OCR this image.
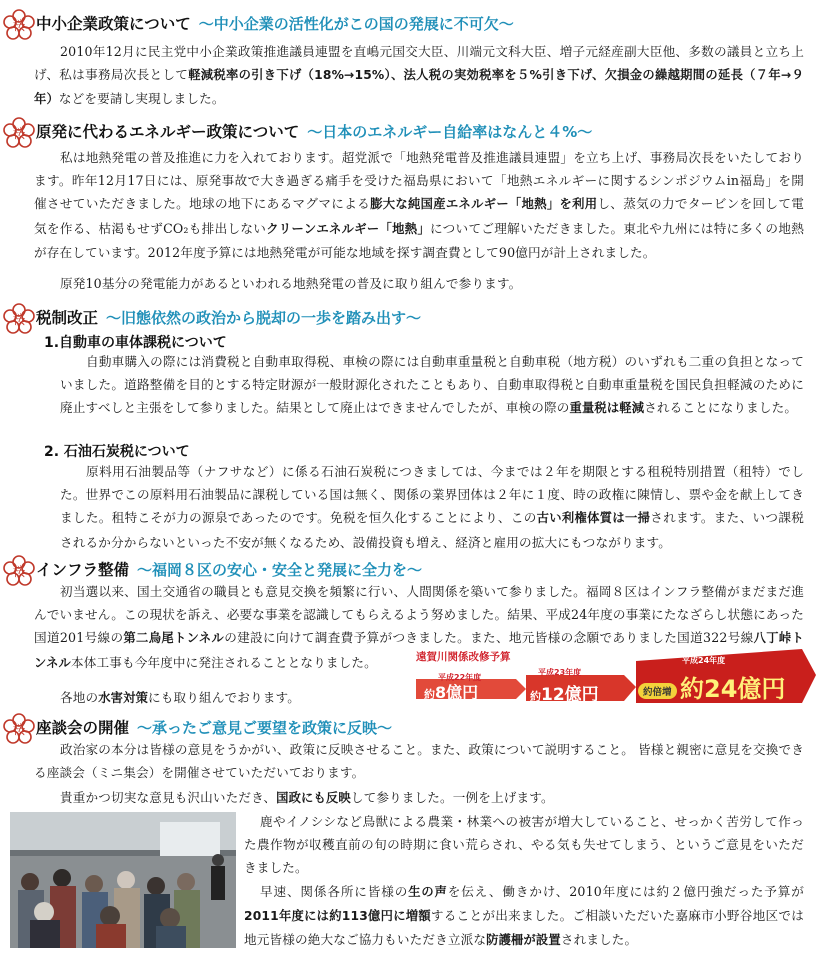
桜 中小企業政策について ～中小企業の活性化がこの国の発展に不可欠～

2010年12月に民主党中小企業政策推進議員連盟を直嶋元国交大臣、川端元文科大臣、増子元経産副大臣他、多数の議員と立ち上げ、私は事務局次長として軽減税率の引き下げ（18%→15%）、法人税の実効税率を５%引き下げ、欠損金の繰越期間の延長（７年→９年）などを要請し実現しました。

桜 原発に代わるエネルギー政策について ～日本のエネルギー自給率はなんと４%～

私は地熱発電の普及推進に力を入れております。超党派で「地熱発電普及推進議員連盟」を立ち上げ、事務局次長をいたしております。昨年12月17日には、原発事故で大き過ぎる痛手を受けた福島県において「地熱エネルギーに関するシンポジウムin福島」を開催させていただきました。地球の地下にあるマグマによる膨大な純国産エネルギー「地熱」を利用し、蒸気の力でタービンを回して電気を作る、枯渇もせずCO₂も排出しないクリーンエネルギー「地熱」についてご理解いただきました。東北や九州には特に多くの地熱が存在しています。2012年度予算には地熱発電が可能な地域を探す調査費として90億円が計上されました。

原発10基分の発電能力があるといわれる地熱発電の普及に取り組んで参ります。

桜 税制改正 ～旧態依然の政治から脱却の一歩を踏み出す～
1.自動車の車体課税について

自動車購入の際には消費税と自動車取得税、車検の際には自動車重量税と自動車税（地方税）のいずれも二重の負担となっていました。道路整備を目的とする特定財源が一般財源化されたこともあり、自動車取得税と自動車重量税を国民負担軽減のために廃止すべしと主張をして参りました。結果として廃止はできませんでしたが、車検の際の重量税は軽減されることになりました。

2. 石油石炭税について

原料用石油製品等（ナフサなど）に係る石油石炭税につきましては、今までは２年を期限とする租税特別措置（租特）でした。世界でこの原料用石油製品に課税している国は無く、関係の業界団体は２年に１度、時の政権に陳情し、票や金を献上してきました。租特こそが力の源泉であったのです。免税を恒久化することにより、この古い利権体質は一掃されます。また、いつ課税されるか分からないといった不安が無くなるため、設備投資も増え、経済と雇用の拡大にもつながります。

桜 インフラ整備 ～福岡８区の安心・安全と発展に全力を～

初当選以来、国土交通省の職員とも意見交換を頻繁に行い、人間関係を築いて参りました。福岡８区はインフラ整備がまだまだ進んでいません。この現状を訴え、必要な事業を認識してもらえるよう努めました。結果、平成24年度の事業にたなざらし状態にあった国道201号線の第二烏尾トンネルの建設に向けて調査費予算がつきました。また、地元皆様の念願でありました国道322号線八丁峠トンネル本体工事も今年度中に発注されることとなりました。

各地の水害対策にも取り組んでおります。

遠賀川関係改修予算
平成22年度
約8億円
平成23年度
約12億円
平成24年度
約倍増 約24億円
桜 座談会の開催 ～承ったご意見ご要望を政策に反映～

政治家の本分は皆様の意見をうかがい、政策に反映させること。また、政策について説明すること。 皆様と親密に意見を交換できる座談会（ミニ集会）を開催させていただいております。

貴重かつ切実な意見も沢山いただき、国政にも反映して参りました。一例を上げます。

鹿やイノシシなど鳥獣による農業・林業への被害が増大していること、せっかく苦労して作った農作物が収穫直前の旬の時期に食い荒らされ、やる気も失せてしまう、というご意見をいただきました。

早速、関係各所に皆様の生の声を伝え、働きかけ、2010年度には約２億円強だった予算が2011年度には約113億円に増額することが出来ました。ご相談いただいた嘉麻市小野谷地区では地元皆様の絶大なご協力もいただき立派な防護柵が設置されました。
